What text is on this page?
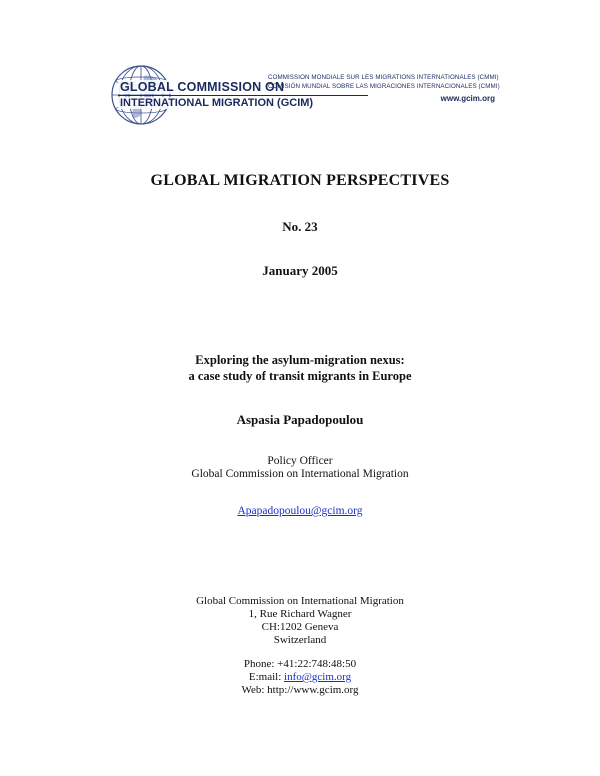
GLOBAL COMMISSION ON
INTERNATIONAL MIGRATION (GCIM)
COMMISSION MONDIALE SUR LES MIGRATIONS INTERNATIONALES (CMMI)
COMISIÓN MUNDIAL SOBRE LAS MIGRACIONES INTERNACIONALES (CMMI)
www.gcim.org
GLOBAL MIGRATION PERSPECTIVES
No. 23
January 2005
Exploring the asylum-migration nexus:
a case study of transit migrants in Europe
Aspasia Papadopoulou
Policy Officer
Global Commission on International Migration
Apapadopoulou@gcim.org
Global Commission on International Migration
1, Rue Richard Wagner
CH:1202 Geneva
Switzerland
Phone: +41:22:748:48:50
E:mail: info@gcim.org
Web: http://www.gcim.org
